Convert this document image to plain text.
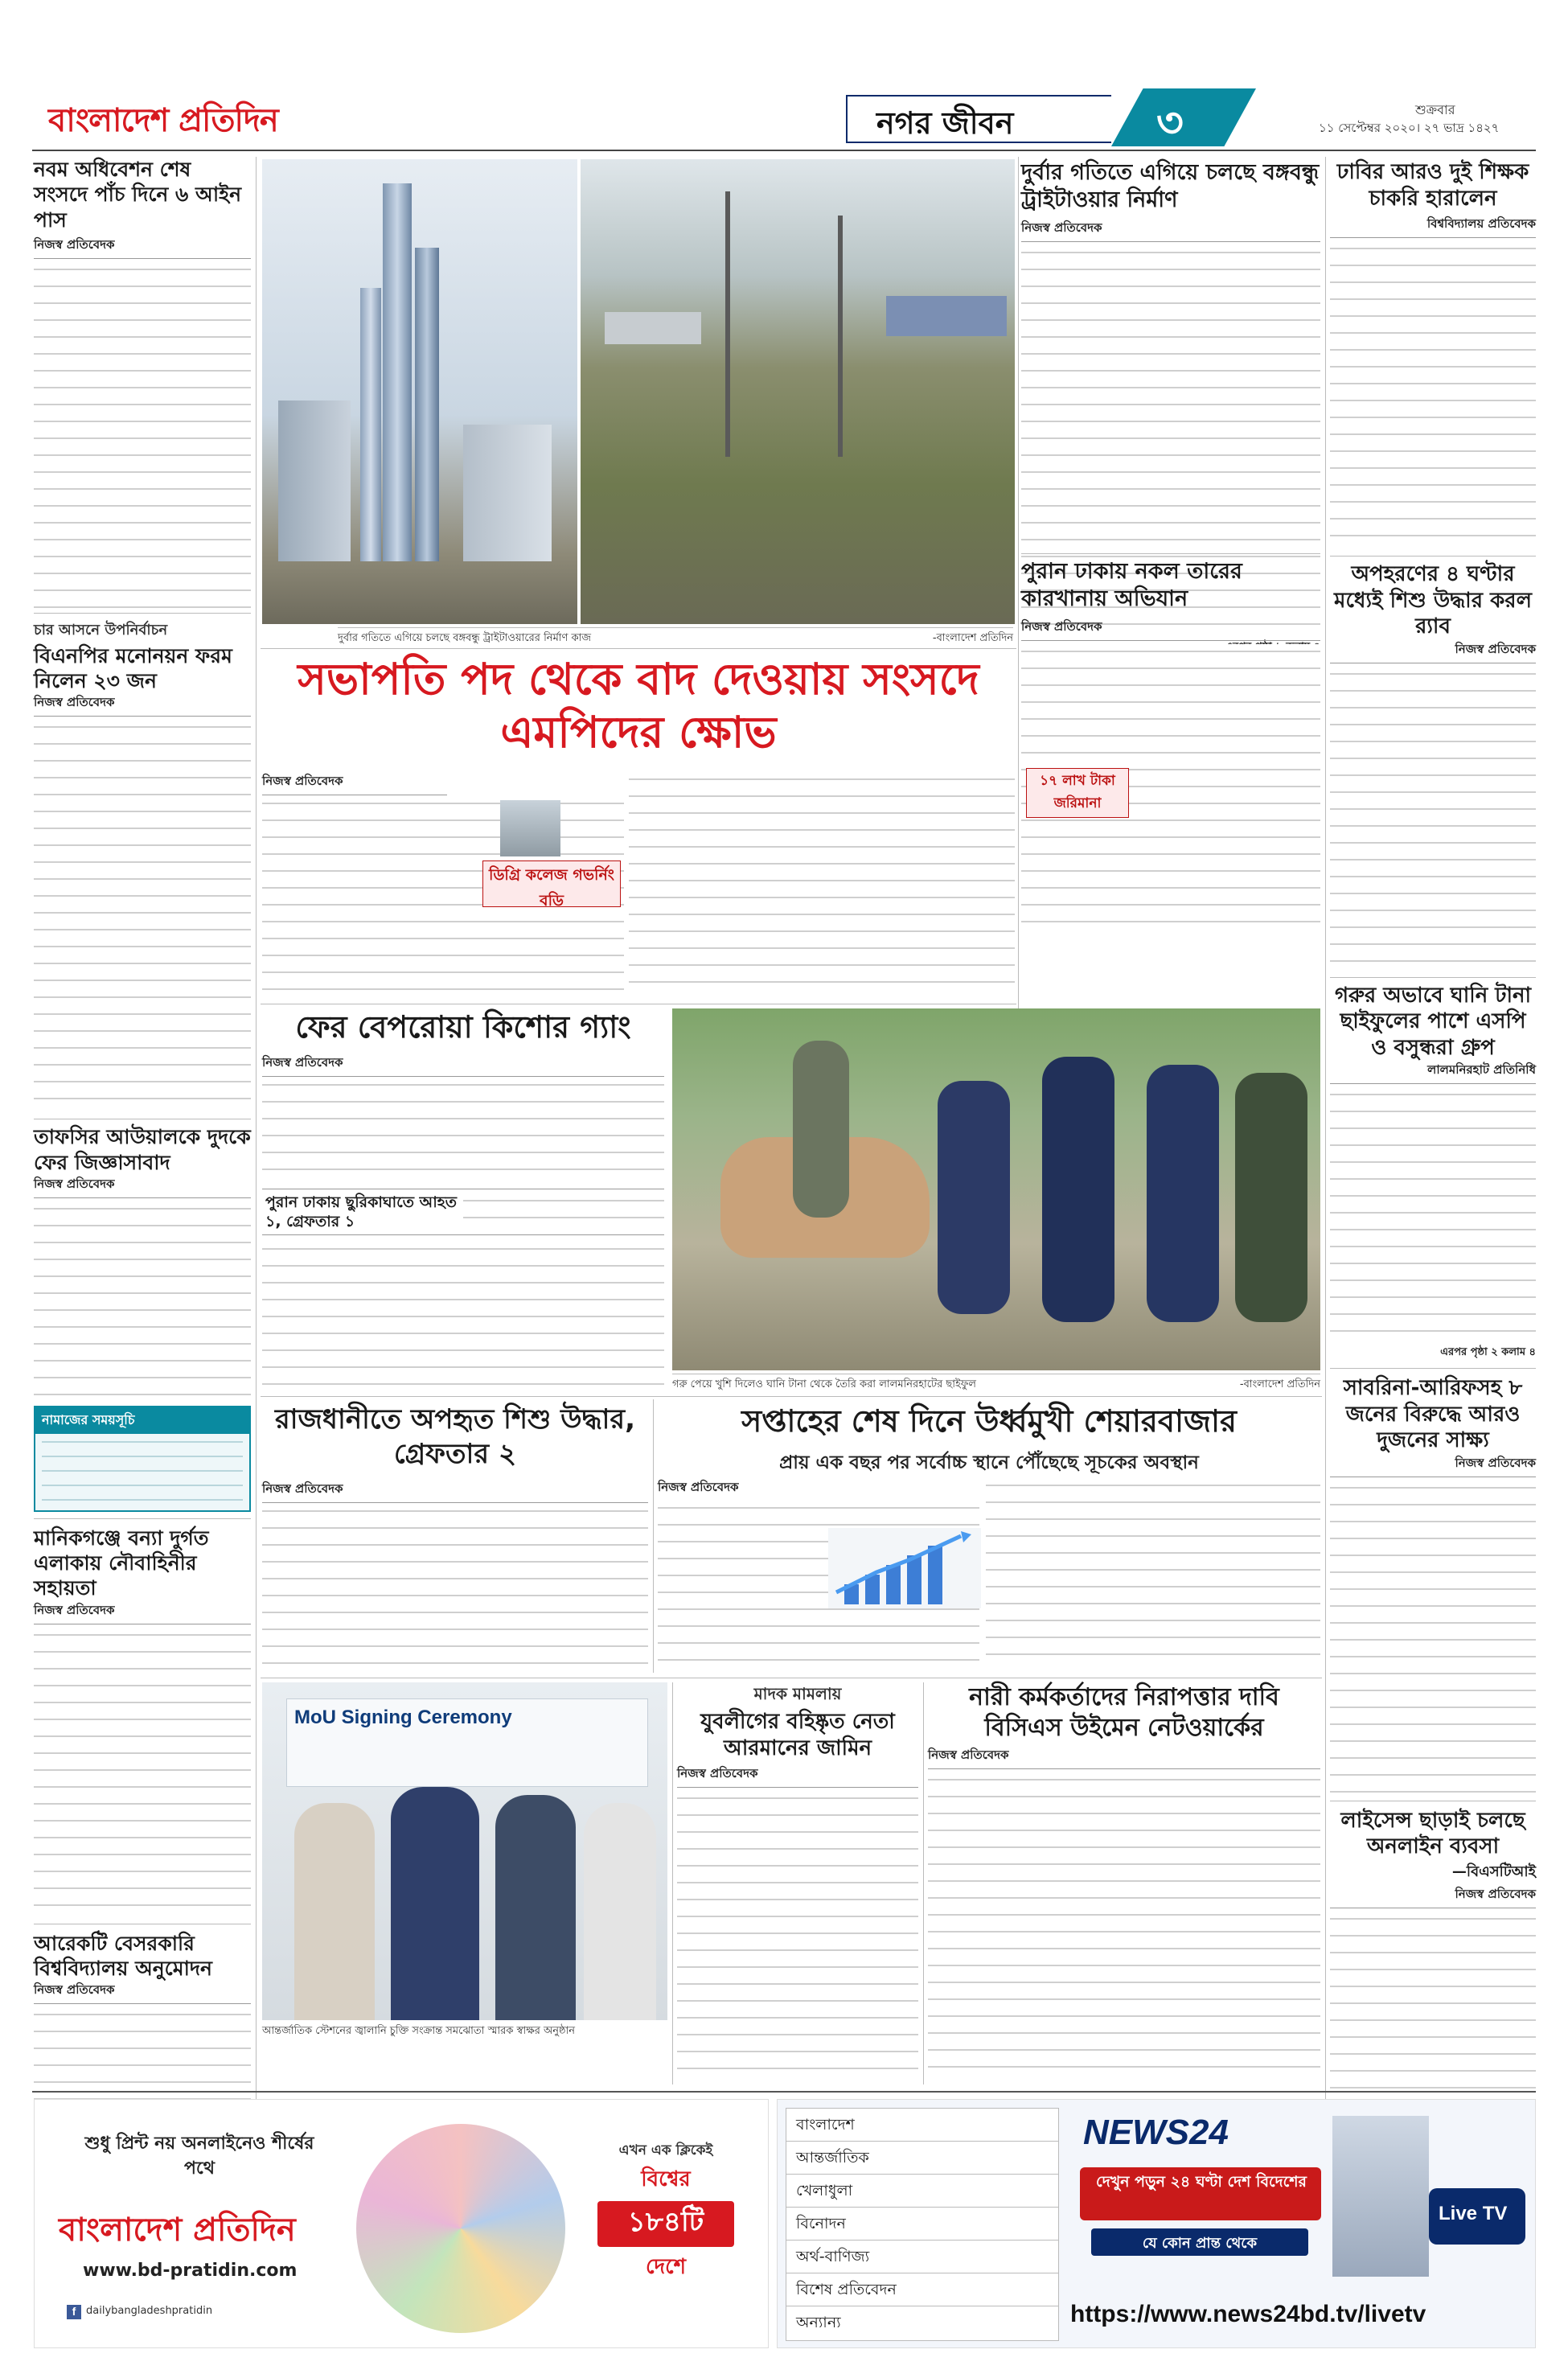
বাংলাদেশ প্রতিদিন	নগর জীবন	৩	শুক্রবার
১১ সেপ্টেম্বর ২০২০। ২৭ ভাদ্র ১৪২৭
নবম অধিবেশন শেষ সংসদে পাঁচ দিনে ৬ আইন পাস
নিজস্ব প্রতিবেদক
চার আসনে উপনির্বাচন
বিএনপির মনোনয়ন ফরম নিলেন ২৩ জন
নিজস্ব প্রতিবেদক
তাফসির আউয়ালকে দুদকে ফের জিজ্ঞাসাবাদ
নিজস্ব প্রতিবেদক
নামাজের সময়সূচি
মানিকগঞ্জে বন্যা দুর্গত এলাকায় নৌবাহিনীর সহায়তা
নিজস্ব প্রতিবেদক
আরেকটি বেসরকারি বিশ্ববিদ্যালয় অনুমোদন
নিজস্ব প্রতিবেদক
দুর্বার গতিতে এগিয়ে চলছে বঙ্গবন্ধু ট্রাইটাওয়ারের নির্মাণ কাজ	-বাংলাদেশ প্রতিদিন
দুর্বার গতিতে এগিয়ে চলছে বঙ্গবন্ধু ট্রাইটাওয়ার নির্মাণ
নিজস্ব প্রতিবেদক
ঢাবির আরও দুই শিক্ষক চাকরি হারালেন
বিশ্ববিদ্যালয় প্রতিবেদক
অপহরণের ৪ ঘণ্টার মধ্যেই শিশু উদ্ধার করল র‍্যাব
নিজস্ব প্রতিবেদক
গরুর অভাবে ঘানি টানা ছাইফুলের পাশে এসপি ও বসুন্ধরা গ্রুপ
লালমনিরহাট প্রতিনিধি
এরপর পৃষ্ঠা ২ কলাম ৪
সাবরিনা-আরিফসহ ৮ জনের বিরুদ্ধে আরও দুজনের সাক্ষ্য
নিজস্ব প্রতিবেদক
লাইসেন্স ছাড়াই চলছে অনলাইন ব্যবসা
—বিএসটিআই
নিজস্ব প্রতিবেদক
সভাপতি পদ থেকে বাদ দেওয়ায় সংসদে এমপিদের ক্ষোভ
নিজস্ব প্রতিবেদক
ডিগ্রি কলেজ গভর্নিং বডি
পুরান ঢাকায় নকল তারের কারখানায় অভিযান
নিজস্ব প্রতিবেদক
১৭ লাখ টাকা জরিমানা
ফের বেপরোয়া কিশোর গ্যাং
নিজস্ব প্রতিবেদক
পুরান ঢাকায় ছুরিকাঘাতে আহত ১, গ্রেফতার ১
গরু পেয়ে খুশি দিলেও ঘানি টানা থেকে তৈরি করা লালমনিরহাটের ছাইফুল	-বাংলাদেশ প্রতিদিন
রাজধানীতে অপহৃত শিশু উদ্ধার, গ্রেফতার ২
নিজস্ব প্রতিবেদক
সপ্তাহের শেষ দিনে উর্ধ্বমুখী শেয়ারবাজার
প্রায় এক বছর পর সর্বোচ্চ স্থানে পৌঁছেছে সূচকের অবস্থান
নিজস্ব প্রতিবেদক
MoU Signing Ceremony
আন্তর্জাতিক স্টেশনের জ্বালানি চুক্তি সংক্রান্ত সমঝোতা স্মারক স্বাক্ষর অনুষ্ঠান
মাদক মামলায়
যুবলীগের বহিষ্কৃত নেতা আরমানের জামিন
নিজস্ব প্রতিবেদক
নারী কর্মকর্তাদের নিরাপত্তার দাবি বিসিএস উইমেন নেটওয়ার্কের
নিজস্ব প্রতিবেদক
শুধু প্রিন্ট নয় অনলাইনেও শীর্ষের পথে
বাংলাদেশ প্রতিদিন
www.bd-pratidin.com
f dailybangladeshpratidin
এখন এক ক্লিকেই
বিশ্বের
১৮৪টি
দেশে
বাংলাদেশ
আন্তর্জাতিক
খেলাধুলা
বিনোদন
অর্থ-বাণিজ্য
বিশেষ প্রতিবেদন
অন্যান্য
NEWS24
দেখুন পড়ুন ২৪ ঘণ্টা দেশ বিদেশের
যে কোন প্রান্ত থেকে
Live TV
https://www.news24bd.tv/livetv
